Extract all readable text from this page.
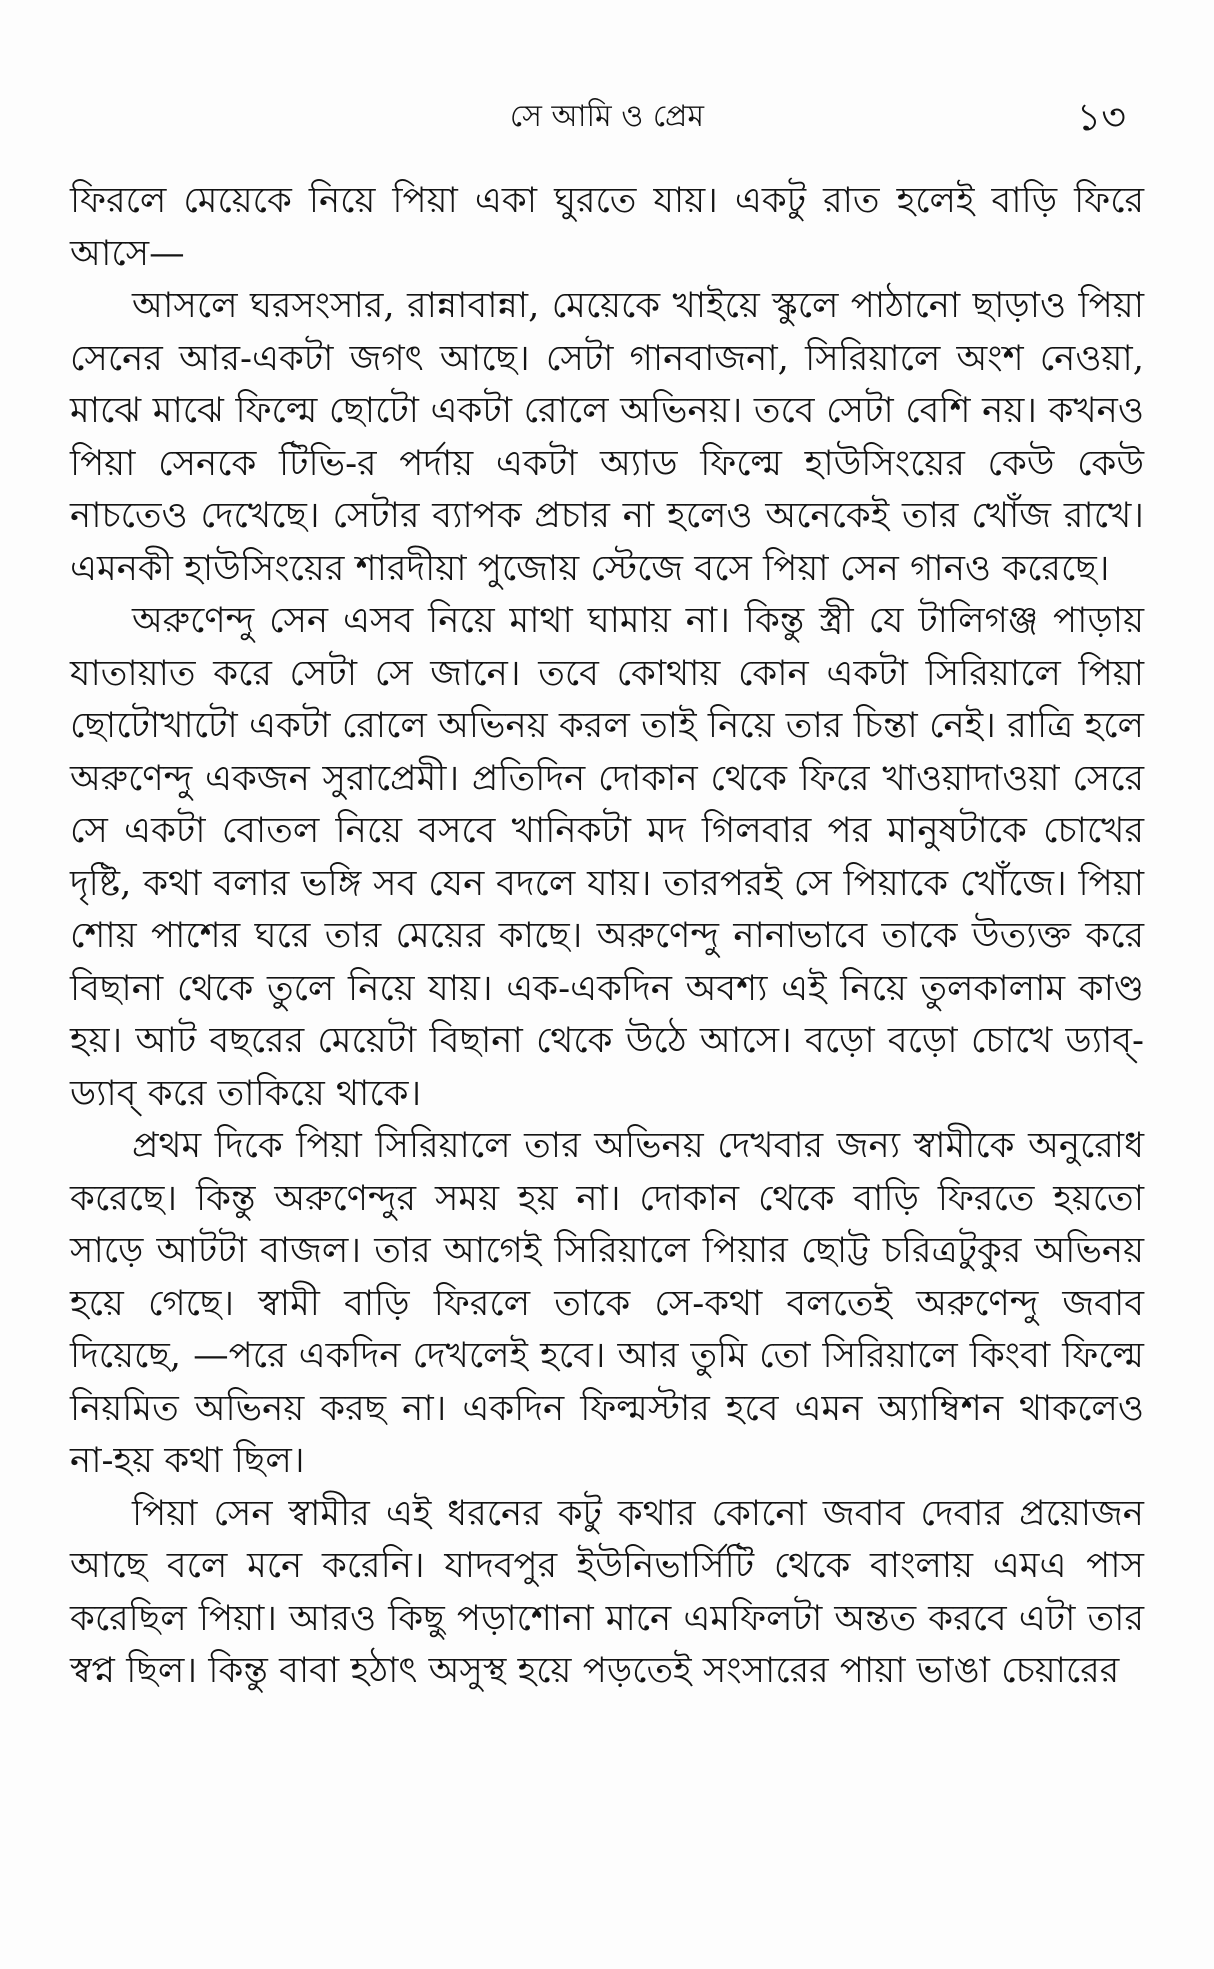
সে আমি ও প্রেম	১৩

ফিরলে মেয়েকে নিয়ে পিয়া একা ঘুরতে যায়। একটু রাত হলেই বাড়ি ফিরে আসে—

আসলে ঘরসংসার, রান্নাবান্না, মেয়েকে খাইয়ে স্কুলে পাঠানো ছাড়াও পিয়া সেনের আর-একটা জগৎ আছে। সেটা গানবাজনা, সিরিয়ালে অংশ নেওয়া, মাঝে মাঝে ফিল্মে ছোটো একটা রোলে অভিনয়। তবে সেটা বেশি নয়। কখনও পিয়া সেনকে টিভি-র পর্দায় একটা অ্যাড ফিল্মে হাউসিংয়ের কেউ কেউ নাচতেও দেখেছে। সেটার ব্যাপক প্রচার না হলেও অনেকেই তার খোঁজ রাখে। এমনকী হাউসিংয়ের শারদীয়া পুজোয় স্টেজে বসে পিয়া সেন গানও করেছে।

অরুণেন্দু সেন এসব নিয়ে মাথা ঘামায় না। কিন্তু স্ত্রী যে টালিগঞ্জ পাড়ায় যাতায়াত করে সেটা সে জানে। তবে কোথায় কোন একটা সিরিয়ালে পিয়া ছোটোখাটো একটা রোলে অভিনয় করল তাই নিয়ে তার চিন্তা নেই। রাত্রি হলে অরুণেন্দু একজন সুরাপ্রেমী। প্রতিদিন দোকান থেকে ফিরে খাওয়াদাওয়া সেরে সে একটা বোতল নিয়ে বসবে খানিকটা মদ গিলবার পর মানুষটাকে চোখের দৃষ্টি, কথা বলার ভঙ্গি সব যেন বদলে যায়। তারপরই সে পিয়াকে খোঁজে। পিয়া শোয় পাশের ঘরে তার মেয়ের কাছে। অরুণেন্দু নানাভাবে তাকে উত্যক্ত করে বিছানা থেকে তুলে নিয়ে যায়। এক-একদিন অবশ্য এই নিয়ে তুলকালাম কাণ্ড হয়। আট বছরের মেয়েটা বিছানা থেকে উঠে আসে। বড়ো বড়ো চোখে ড্যাব্-ড্যাব্ করে তাকিয়ে থাকে।

প্রথম দিকে পিয়া সিরিয়ালে তার অভিনয় দেখবার জন্য স্বামীকে অনুরোধ করেছে। কিন্তু অরুণেন্দুর সময় হয় না। দোকান থেকে বাড়ি ফিরতে হয়তো সাড়ে আটটা বাজল। তার আগেই সিরিয়ালে পিয়ার ছোট্ট চরিত্রটুকুর অভিনয় হয়ে গেছে। স্বামী বাড়ি ফিরলে তাকে সে-কথা বলতেই অরুণেন্দু জবাব দিয়েছে, —পরে একদিন দেখলেই হবে। আর তুমি তো সিরিয়ালে কিংবা ফিল্মে নিয়মিত অভিনয় করছ না। একদিন ফিল্মস্টার হবে এমন অ্যাম্বিশন থাকলেও না-হয় কথা ছিল।

পিয়া সেন স্বামীর এই ধরনের কটু কথার কোনো জবাব দেবার প্রয়োজন আছে বলে মনে করেনি। যাদবপুর ইউনিভার্সিটি থেকে বাংলায় এমএ পাস করেছিল পিয়া। আরও কিছু পড়াশোনা মানে এমফিলটা অন্তত করবে এটা তার স্বপ্ন ছিল। কিন্তু বাবা হঠাৎ অসুস্থ হয়ে পড়তেই সংসারের পায়া ভাঙা চেয়ারের
